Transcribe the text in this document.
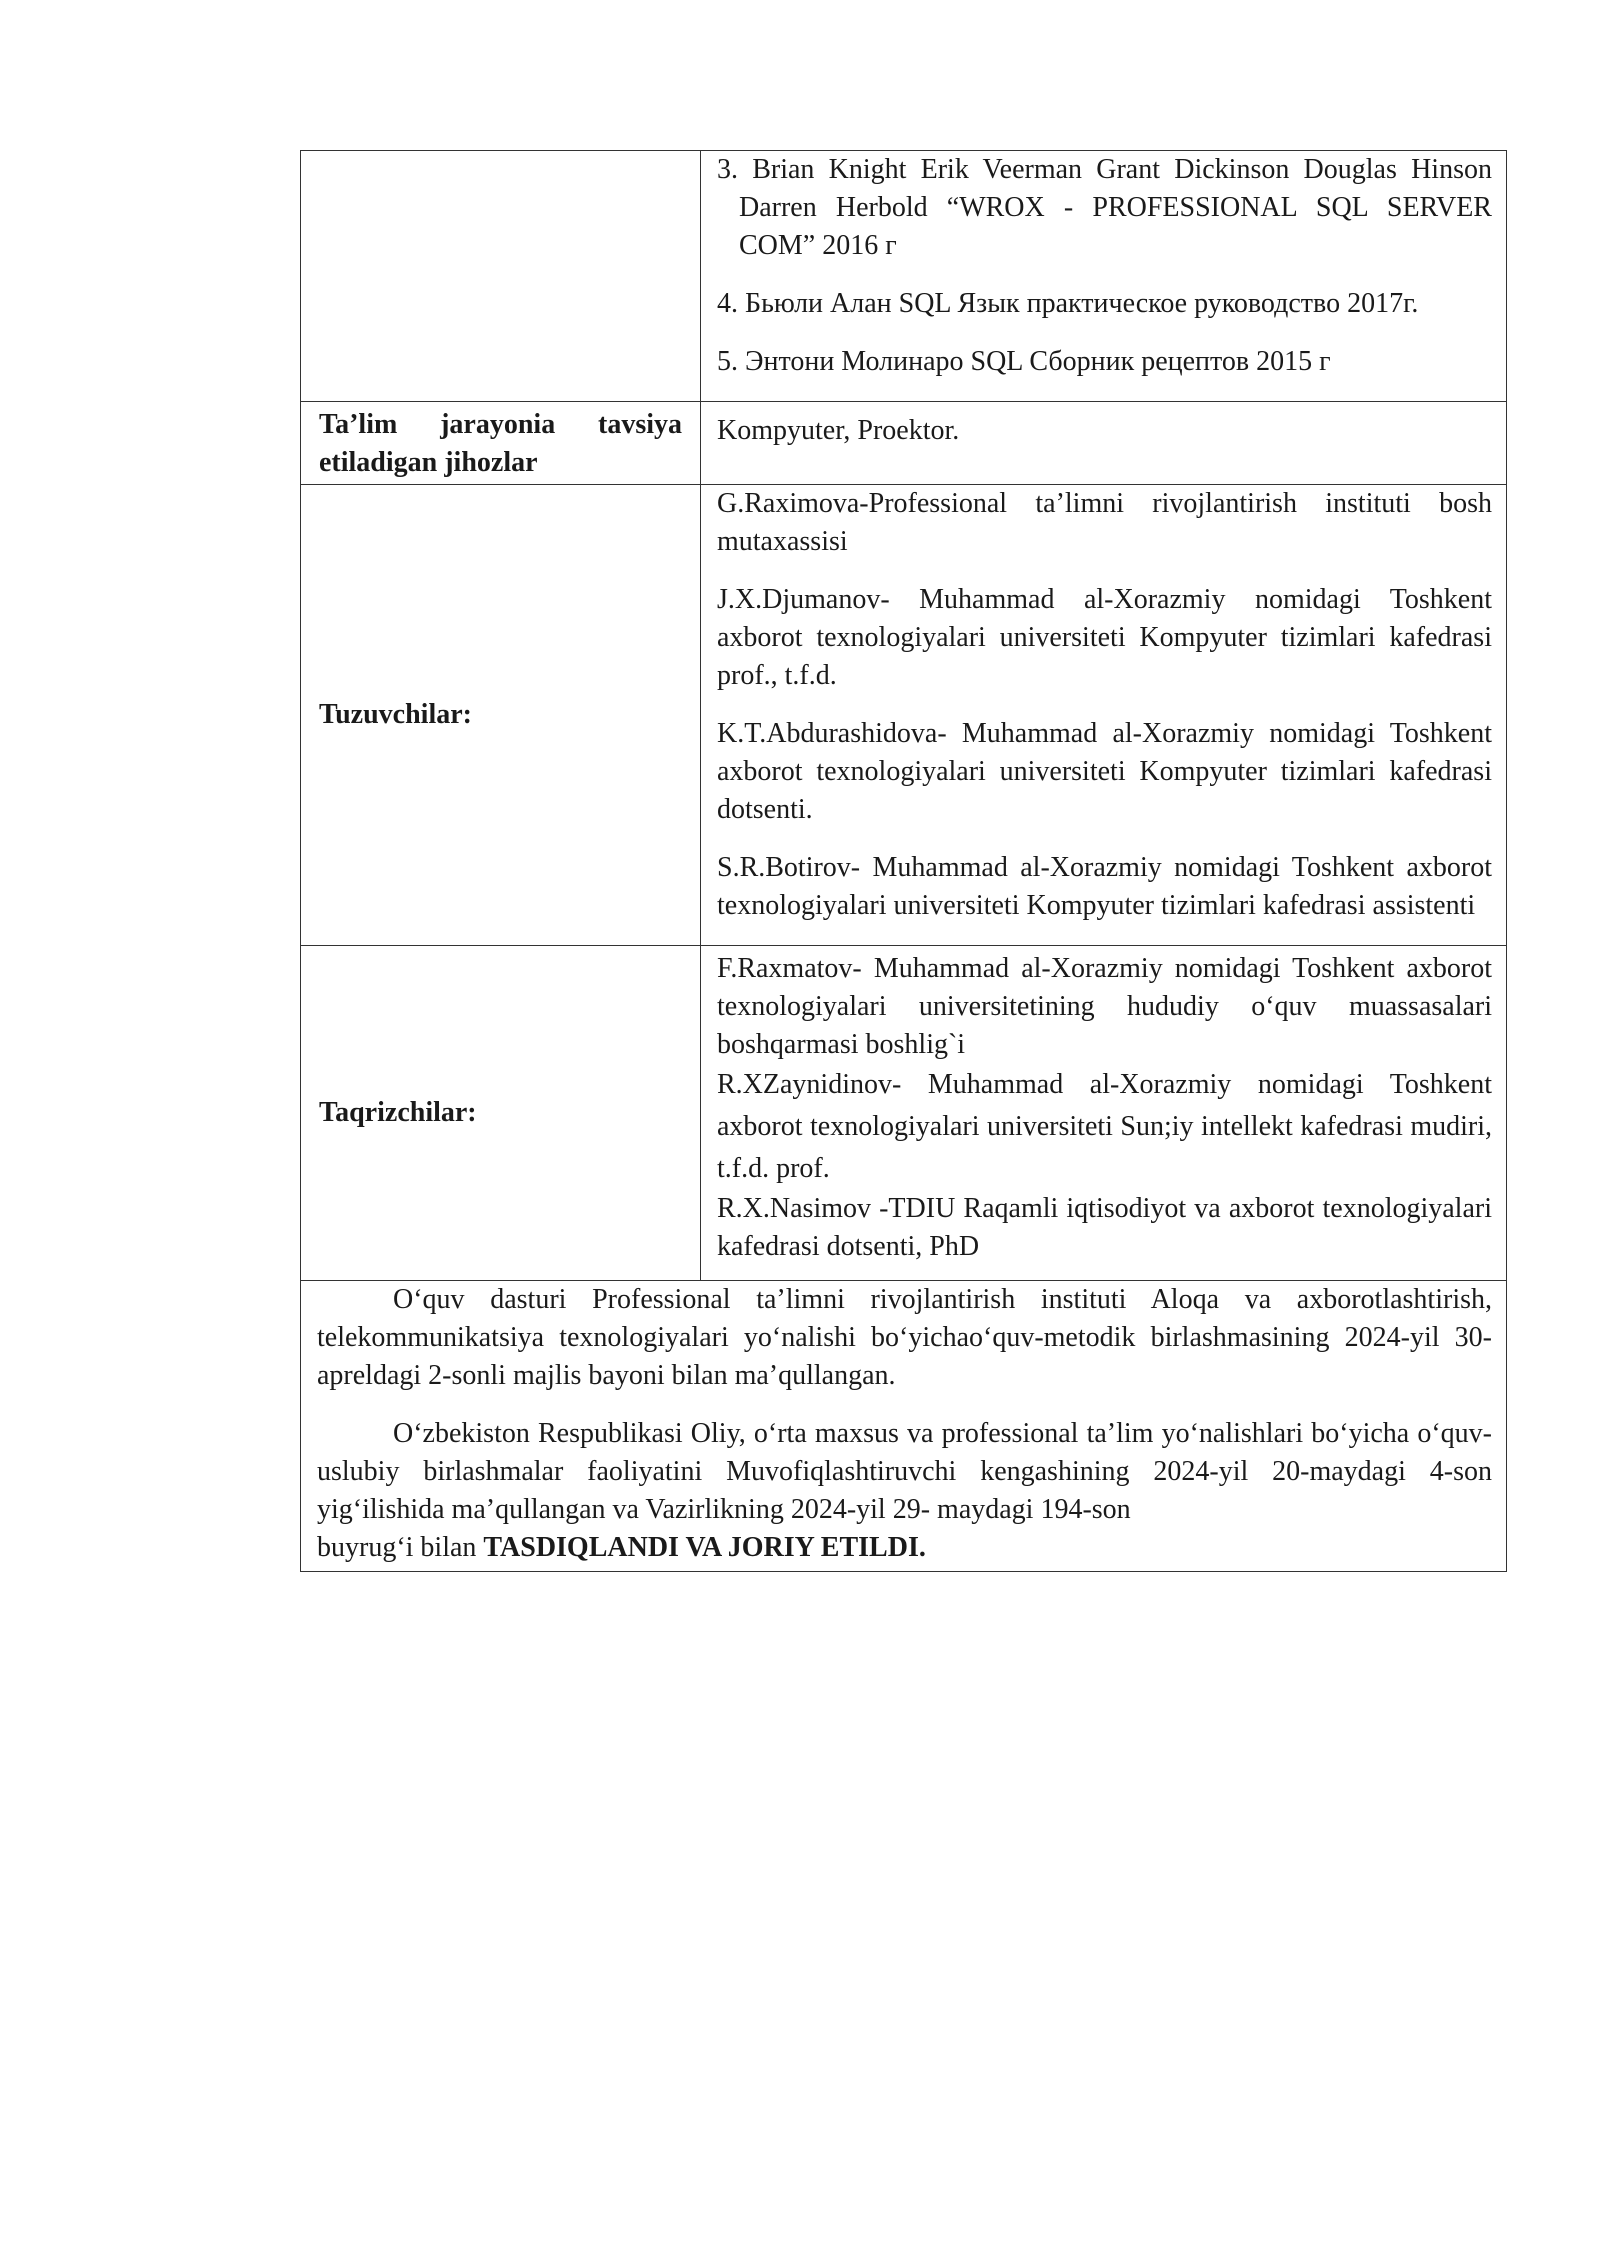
	3. Brian Knight Erik Veerman Grant Dickinson Douglas Hinson Darren Herbold “WROX - PROFESSIONAL SQL SERVER COM” 2016 г

4. Бьюли Алан SQL Язык практическое руководство 2017г.

5. Энтони Молинаро SQL Сборник рецептов 2015 г

Ta’lim jarayonia tavsiya etiladigan jihozlar	Kompyuter, Proektor.
Tuzuvchilar:	G.Raximova-Professional ta’limni rivojlantirish instituti bosh mutaxassisi

J.X.Djumanov- Muhammad al-Xorazmiy nomidagi Toshkent axborot texnologiyalari universiteti Kompyuter tizimlari kafedrasi prof., t.f.d.

K.T.Abdurashidova- Muhammad al-Xorazmiy nomidagi Toshkent axborot texnologiyalari universiteti Kompyuter tizimlari kafedrasi dotsenti.

S.R.Botirov- Muhammad al-Xorazmiy nomidagi Toshkent axborot texnologiyalari universiteti Kompyuter tizimlari kafedrasi assistenti

Taqrizchilar:	F.Raxmatov- Muhammad al-Xorazmiy nomidagi Toshkent axborot texnologiyalari universitetining hududiy o‘quv muassasalari boshqarmasi boshlig`i

R.XZaynidinov- Muhammad al-Xorazmiy nomidagi Toshkent axborot texnologiyalari universiteti Sun;iy intellekt kafedrasi mudiri, t.f.d. prof.

R.X.Nasimov -TDIU Raqamli iqtisodiyot va axborot texnologiyalari kafedrasi dotsenti, PhD

O‘quv dasturi Professional ta’limni rivojlantirish instituti Aloqa va axborotlashtirish, telekommunikatsiya texnologiyalari yo‘nalishi bo‘yichao‘quv-metodik birlashmasining 2024-yil 30-apreldagi 2-sonli majlis bayoni bilan ma’qullangan.

O‘zbekiston Respublikasi Oliy, o‘rta maxsus va professional ta’lim yo‘nalishlari bo‘yicha o‘quv-uslubiy birlashmalar faoliyatini Muvofiqlashtiruvchi kengashining 2024-yil 20-maydagi 4-son yig‘ilishida ma’qullangan va Vazirlikning 2024-yil 29- maydagi 194-son

buyrug‘i bilan TASDIQLANDI VA JORIY ETILDI.	
